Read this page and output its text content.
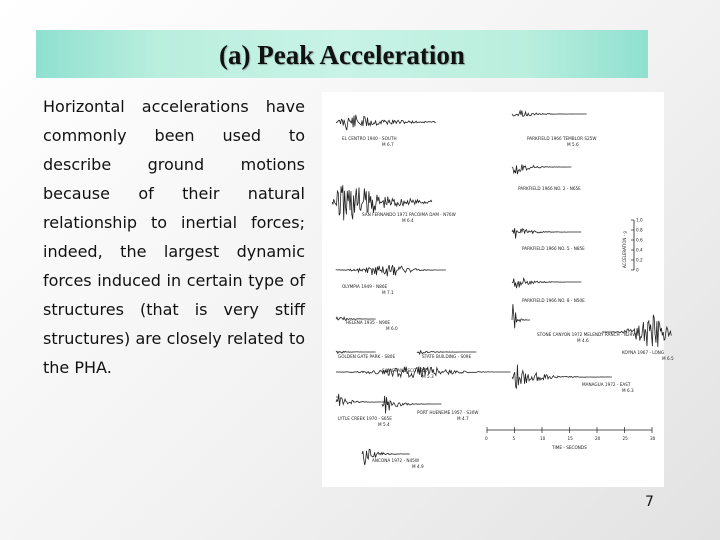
(a) Peak Acceleration

Horizontal accelerations have commonly been used to describe ground motions because of their natural relationship to inertial forces; indeed, the largest dynamic forces induced in certain type of structures (that is very stiff structures) are closely related to the PHA.

EL CENTRO 1940 - SOUTH
M 6.7
PARKFIELD 1966 TEMBLOR S25W
M 5.6
PARKFIELD 1966 NO. 2 - N65E
SAN FERNANDO 1971 PACOIMA DAM - N76W
M 6.4
PARKFIELD 1966 NO. 5 - N85E
PARKFIELD 1966 NO. 8 - N50E
OLYMPIA 1949 - N86E
M 7.1
HELENA 1935 - N90E
M 6.0
STONE CANYON 1972 MELENDY RANCH - N29W
M 4.6
KOYNA 1967 - LONG
M 6.5
GOLDEN GATE PARK - S80E	STATE BUILDING - S09E
SAN FRANCISCO 1957
M 5.3
MANAGUA 1972 - EAST
M 6.3
LYTLE CREEK 1970 - S65E
M 5.4
PORT HUENEME 1957 - S30W
M 4.7
ANCONA 1972 - N45W
M 4.9
1.0
0.8
0.6
0.4
0.2
0
ACCELERATION - g
0	5	10	15	20	25	30
TIME - SECONDS
7
